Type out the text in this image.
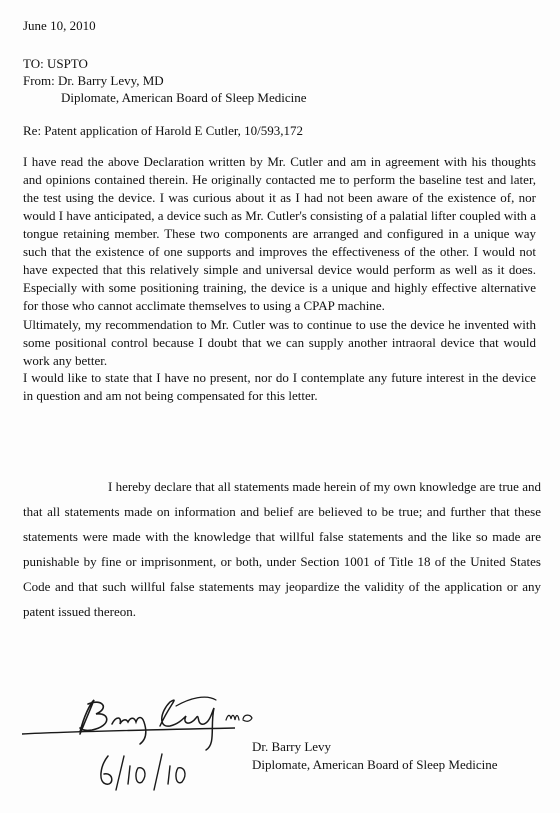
June 10, 2010
TO: USPTO
From: Dr. Barry Levy, MD
Diplomate, American Board of Sleep Medicine
Re: Patent application of Harold E Cutler, 10/593,172

I have read the above Declaration written by Mr. Cutler and am in agreement with his thoughts and opinions contained therein. He originally contacted me to perform the baseline test and later, the test using the device. I was curious about it as I had not been aware of the existence of, nor would I have anticipated, a device such as Mr. Cutler's consisting of a palatial lifter coupled with a tongue retaining member. These two components are arranged and configured in a unique way such that the existence of one supports and improves the effectiveness of the other. I would not have expected that this relatively simple and universal device would perform as well as it does. Especially with some positioning training, the device is a unique and highly effective alternative for those who cannot acclimate themselves to using a CPAP machine.

Ultimately, my recommendation to Mr. Cutler was to continue to use the device he invented with some positional control because I doubt that we can supply another intraoral device that would work any better.

I would like to state that I have no present, nor do I contemplate any future interest in the device in question and am not being compensated for this letter.

I hereby declare that all statements made herein of my own knowledge are true and that all statements made on information and belief are believed to be true; and further that these statements were made with the knowledge that willful false statements and the like so made are punishable by fine or imprisonment, or both, under Section 1001 of Title 18 of the United States Code and that such willful false statements may jeopardize the validity of the application or any patent issued thereon.

Dr. Barry Levy
Diplomate, American Board of Sleep Medicine
